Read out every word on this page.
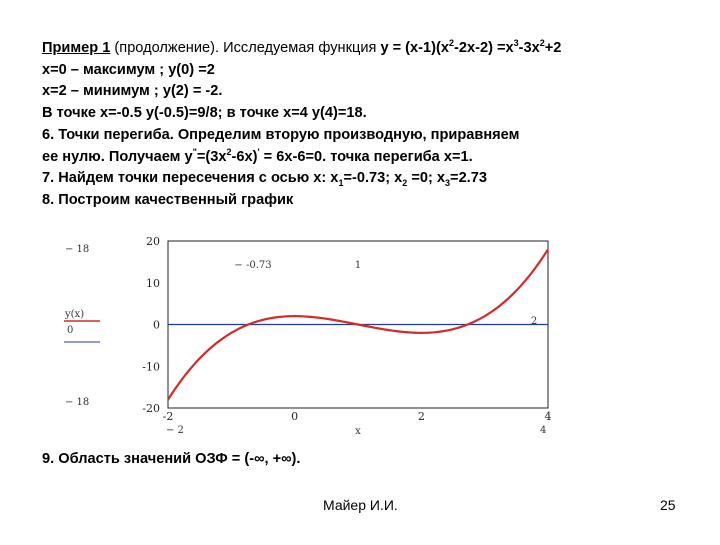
Пример 1 (продолжение). Исследуемая функция $у = (х-1)(х^2-2х-2) =х^3-3х^2+2$
х=0 – максимум ; у(0) =2
х=2 – минимум ; у(2) = -2.
В точке х=-0.5 у(-0.5)=9/8; в точке х=4 у(4)=18.
6. Точки перегиба. Определим вторую производную, приравняем
ее нулю. Получаем $у^"=(3х^2-6х)' = 6х-6=0$. точка перегиба х=1.
7. Найдем точки пересечения с осью х: $х_1=-0.73$; $х_2 =0$; $х_3=2.73$
8. Построим качественный график
20
10
0
-10
-20
-2	0	2	4
x
− -0.73	1
2
− 18
y(x)
0
− 18
− 2	4
9. Область значений ОЗФ = (-∞, +∞).
Майер И.И.	25
